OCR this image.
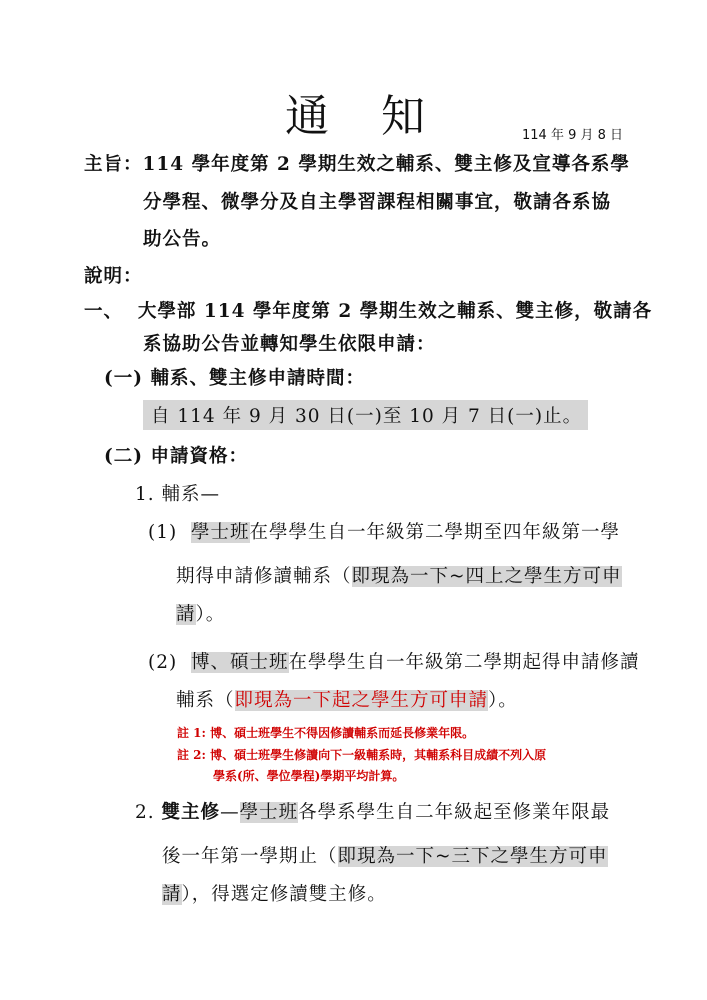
通知	114 年 9 月 8 日
主旨：114 學年度第 2 學期生效之輔系、雙主修及宣導各系學
分學程、微學分及自主學習課程相關事宜，敬請各系協
助公告。
說明：
一、 大學部 114 學年度第 2 學期生效之輔系、雙主修，敬請各
系協助公告並轉知學生依限申請：
(一) 輔系、雙主修申請時間：
自 114 年 9 月 30 日(一)至 10 月 7 日(一)止。
(二) 申請資格：
1. 輔系—
(1) 學士班在學學生自一年級第二學期至四年級第一學
期得申請修讀輔系（即現為一下~四上之學生方可申
請）。
(2) 博、碩士班在學學生自一年級第二學期起得申請修讀
輔系（即現為一下起之學生方可申請）。
註 1: 博、碩士班學生不得因修讀輔系而延長修業年限。
註 2: 博、碩士班學生修讀向下一級輔系時，其輔系科目成績不列入原
學系(所、學位學程)學期平均計算。
2. 雙主修—學士班各學系學生自二年級起至修業年限最
後一年第一學期止（即現為一下~三下之學生方可申
請），得選定修讀雙主修。
